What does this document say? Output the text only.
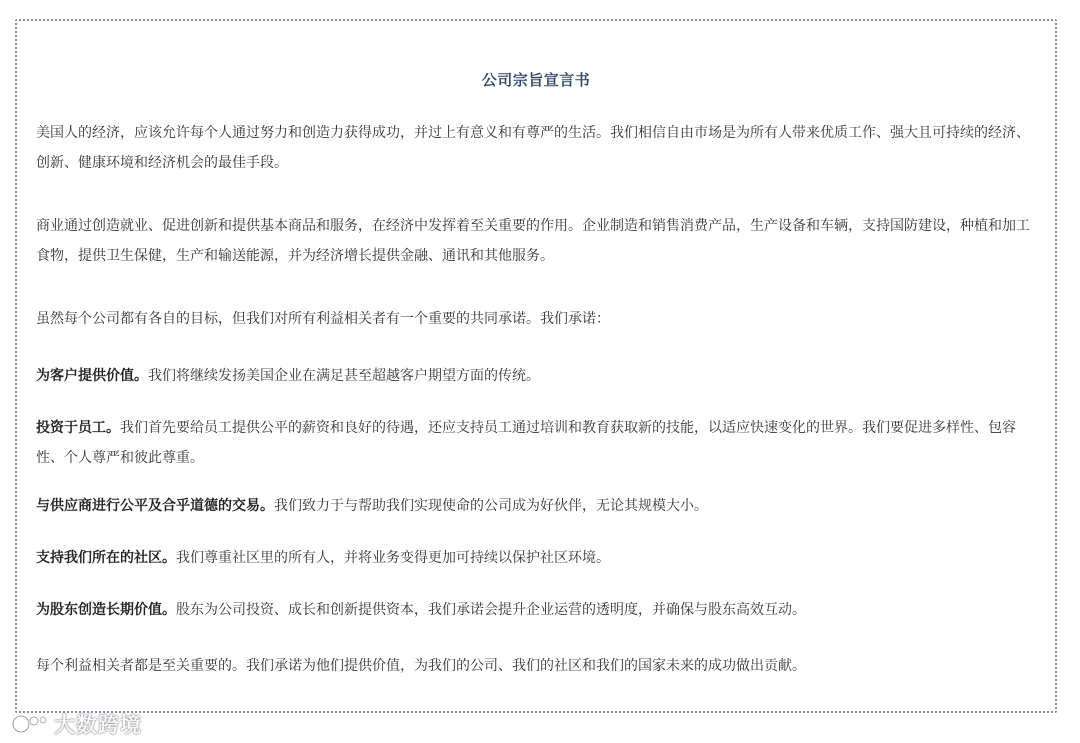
公司宗旨宣言书

美国人的经济，应该允许每个人通过努力和创造力获得成功，并过上有意义和有尊严的生活。我们相信自由市场是为所有人带来优质工作、强大且可持续的经济、创新、健康环境和经济机会的最佳手段。

商业通过创造就业、促进创新和提供基本商品和服务，在经济中发挥着至关重要的作用。企业制造和销售消费产品，生产设备和车辆，支持国防建设，种植和加工食物，提供卫生保健，生产和输送能源，并为经济增长提供金融、通讯和其他服务。

虽然每个公司都有各自的目标，但我们对所有利益相关者有一个重要的共同承诺。我们承诺：

为客户提供价值。我们将继续发扬美国企业在满足甚至超越客户期望方面的传统。

投资于员工。我们首先要给员工提供公平的薪资和良好的待遇，还应支持员工通过培训和教育获取新的技能，以适应快速变化的世界。我们要促进多样性、包容性、个人尊严和彼此尊重。

与供应商进行公平及合乎道德的交易。我们致力于与帮助我们实现使命的公司成为好伙伴，无论其规模大小。

支持我们所在的社区。我们尊重社区里的所有人，并将业务变得更加可持续以保护社区环境。

为股东创造长期价值。股东为公司投资、成长和创新提供资本，我们承诺会提升企业运营的透明度，并确保与股东高效互动。

每个利益相关者都是至关重要的。我们承诺为他们提供价值，为我们的公司、我们的社区和我们的国家未来的成功做出贡献。

大数跨境
